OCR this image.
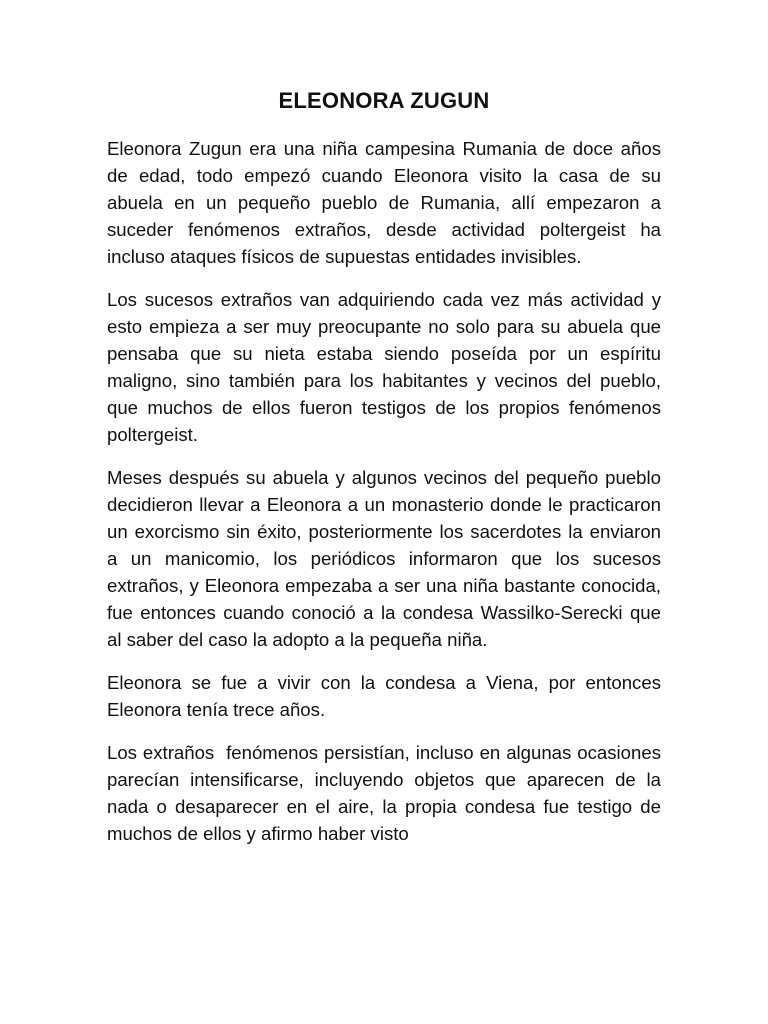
ELEONORA ZUGUN

Eleonora Zugun era una niña campesina Rumania de doce años de edad, todo empezó cuando Eleonora visito la casa de su abuela en un pequeño pueblo de Rumania, allí empezaron a suceder fenómenos extraños, desde actividad poltergeist ha incluso ataques físicos de supuestas entidades invisibles.

Los sucesos extraños van adquiriendo cada vez más actividad y esto empieza a ser muy preocupante no solo para su abuela que pensaba que su nieta estaba siendo poseída por un espíritu maligno, sino también para los habitantes y vecinos del pueblo, que muchos de ellos fueron testigos de los propios fenómenos poltergeist.

Meses después su abuela y algunos vecinos del pequeño pueblo decidieron llevar a Eleonora a un monasterio donde le practicaron un exorcismo sin éxito, posteriormente los sacerdotes la enviaron a un manicomio, los periódicos informaron que los sucesos extraños, y Eleonora empezaba a ser una niña bastante conocida, fue entonces cuando conoció a la condesa Wassilko-Serecki que al saber del caso la adopto a la pequeña niña.

Eleonora se fue a vivir con la condesa a Viena, por entonces Eleonora tenía trece años.

Los extraños  fenómenos persistían, incluso en algunas ocasiones parecían intensificarse, incluyendo objetos que aparecen de la nada o desaparecer en el aire, la propia condesa fue testigo de muchos de ellos y afirmo haber visto
